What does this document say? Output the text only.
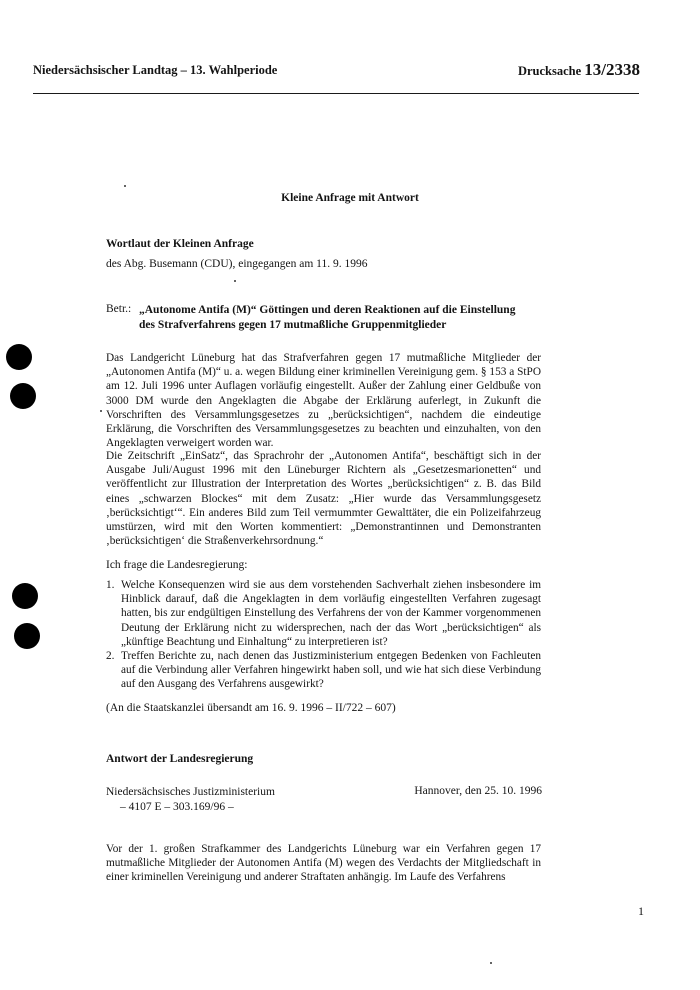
Niedersächsischer Landtag – 13. Wahlperiode	Drucksache 13/2338
Kleine Anfrage mit Antwort
Wortlaut der Kleinen Anfrage
des Abg. Busemann (CDU), eingegangen am 11. 9. 1996
Betr.: „Autonome Antifa (M)“ Göttingen und deren Reaktionen auf die Einstellung
des Strafverfahrens gegen 17 mutmaßliche Gruppenmitglieder
Das Landgericht Lüneburg hat das Strafverfahren gegen 17 mutmaßliche Mitglieder der „Autonomen Antifa (M)“ u. a. wegen Bildung einer kriminellen Vereinigung gem. § 153 a StPO am 12. Juli 1996 unter Auflagen vorläufig eingestellt. Außer der Zahlung einer Geldbuße von 3000 DM wurde den Angeklagten die Abgabe der Erklärung auferlegt, in Zukunft die Vorschriften des Versammlungsgesetzes zu „berücksichtigen“, nachdem die eindeutige Erklärung, die Vorschriften des Versammlungsgesetzes zu beachten und einzuhalten, von den Angeklagten verweigert worden war.
Die Zeitschrift „EinSatz“, das Sprachrohr der „Autonomen Antifa“, beschäftigt sich in der Ausgabe Juli/August 1996 mit den Lüneburger Richtern als „Gesetzesmarionetten“ und veröffentlicht zur Illustration der Interpretation des Wortes „berücksichtigen“ z. B. das Bild eines „schwarzen Blockes“ mit dem Zusatz: „Hier wurde das Versammlungsgesetz ‚berücksichtigt‘“. Ein anderes Bild zum Teil vermummter Gewalttäter, die ein Polizeifahrzeug umstürzen, wird mit den Worten kommentiert: „Demonstrantinnen und Demonstranten ‚berücksichtigen‘ die Straßenverkehrsordnung.“
Ich frage die Landesregierung:
1. Welche Konsequenzen wird sie aus dem vorstehenden Sachverhalt ziehen insbesondere im Hinblick darauf, daß die Angeklagten in dem vorläufig eingestellten Verfahren zugesagt hatten, bis zur endgültigen Einstellung des Verfahrens der von der Kammer vorgenommenen Deutung der Erklärung nicht zu widersprechen, nach der das Wort „berücksichtigen“ als „künftige Beachtung und Einhaltung“ zu interpretieren ist?
2. Treffen Berichte zu, nach denen das Justizministerium entgegen Bedenken von Fachleuten auf die Verbindung aller Verfahren hingewirkt haben soll, und wie hat sich diese Verbindung auf den Ausgang des Verfahrens ausgewirkt?
(An die Staatskanzlei übersandt am 16. 9. 1996 – II/722 – 607)
Antwort der Landesregierung
Niedersächsisches Justizministerium
– 4107 E – 303.169/96 –
Hannover, den 25. 10. 1996
Vor der 1. großen Strafkammer des Landgerichts Lüneburg war ein Verfahren gegen 17 mutmaßliche Mitglieder der Autonomen Antifa (M) wegen des Verdachts der Mitgliedschaft in einer kriminellen Vereinigung und anderer Straftaten anhängig. Im Laufe des Verfahrens
1
